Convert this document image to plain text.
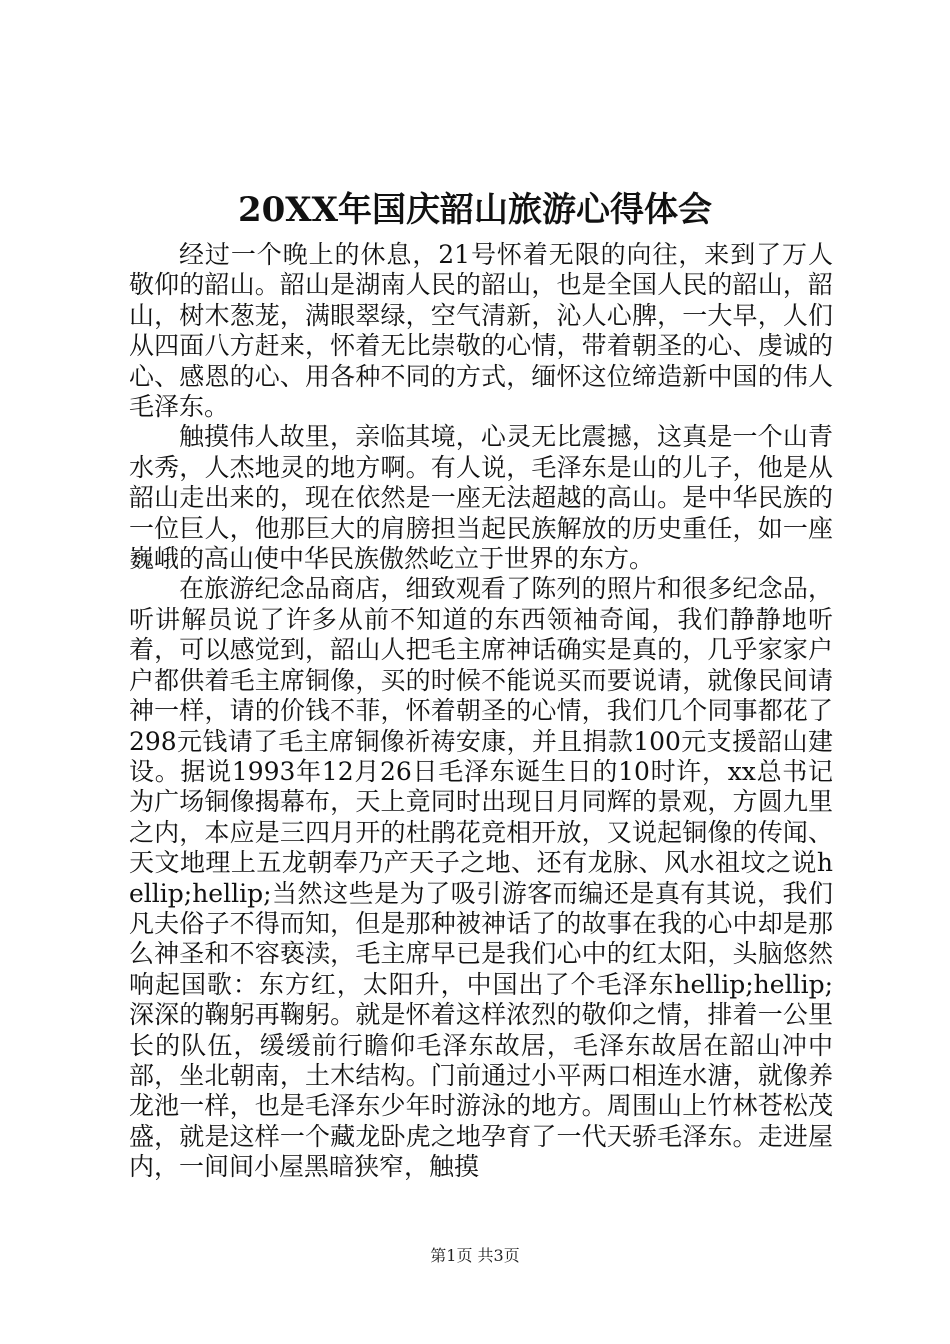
20XX年国庆韶山旅游心得体会

经过一个晚上的休息，21号怀着无限的向往，来到了万人敬仰的韶山。韶山是湖南人民的韶山，也是全国人民的韶山，韶山，树木葱茏，满眼翠绿，空气清新，沁人心脾，一大早，人们从四面八方赶来，怀着无比崇敬的心情，带着朝圣的心、虔诚的心、感恩的心、用各种不同的方式，缅怀这位缔造新中国的伟人毛泽东。

触摸伟人故里，亲临其境，心灵无比震撼，这真是一个山青水秀，人杰地灵的地方啊。有人说，毛泽东是山的儿子，他是从韶山走出来的，现在依然是一座无法超越的高山。是中华民族的一位巨人，他那巨大的肩膀担当起民族解放的历史重任，如一座巍峨的高山使中华民族傲然屹立于世界的东方。

在旅游纪念品商店，细致观看了陈列的照片和很多纪念品，听讲解员说了许多从前不知道的东西领袖奇闻，我们静静地听着，可以感觉到，韶山人把毛主席神话确实是真的，几乎家家户户都供着毛主席铜像，买的时候不能说买而要说请，就像民间请神一样，请的价钱不菲，怀着朝圣的心情，我们几个同事都花了298元钱请了毛主席铜像祈祷安康，并且捐款100元支援韶山建设。据说1993年12月26日毛泽东诞生日的10时许，xx总书记为广场铜像揭幕布，天上竟同时出现日月同辉的景观，方圆九里之内，本应是三四月开的杜鹃花竞相开放，又说起铜像的传闻、天文地理上五龙朝奉乃产天子之地、还有龙脉、风水祖坟之说hellip;hellip;当然这些是为了吸引游客而编还是真有其说，我们凡夫俗子不得而知，但是那种被神话了的故事在我的心中却是那么神圣和不容亵渎，毛主席早已是我们心中的红太阳，头脑悠然响起国歌：东方红，太阳升，中国出了个毛泽东hellip;hellip;深深的鞠躬再鞠躬。就是怀着这样浓烈的敬仰之情，排着一公里长的队伍，缓缓前行瞻仰毛泽东故居，毛泽东故居在韶山冲中部，坐北朝南，土木结构。门前通过小平两口相连水溏，就像养龙池一样，也是毛泽东少年时游泳的地方。周围山上竹林苍松茂盛，就是这样一个藏龙卧虎之地孕育了一代天骄毛泽东。走进屋内，一间间小屋黑暗狭窄，触摸

第1页 共3页
